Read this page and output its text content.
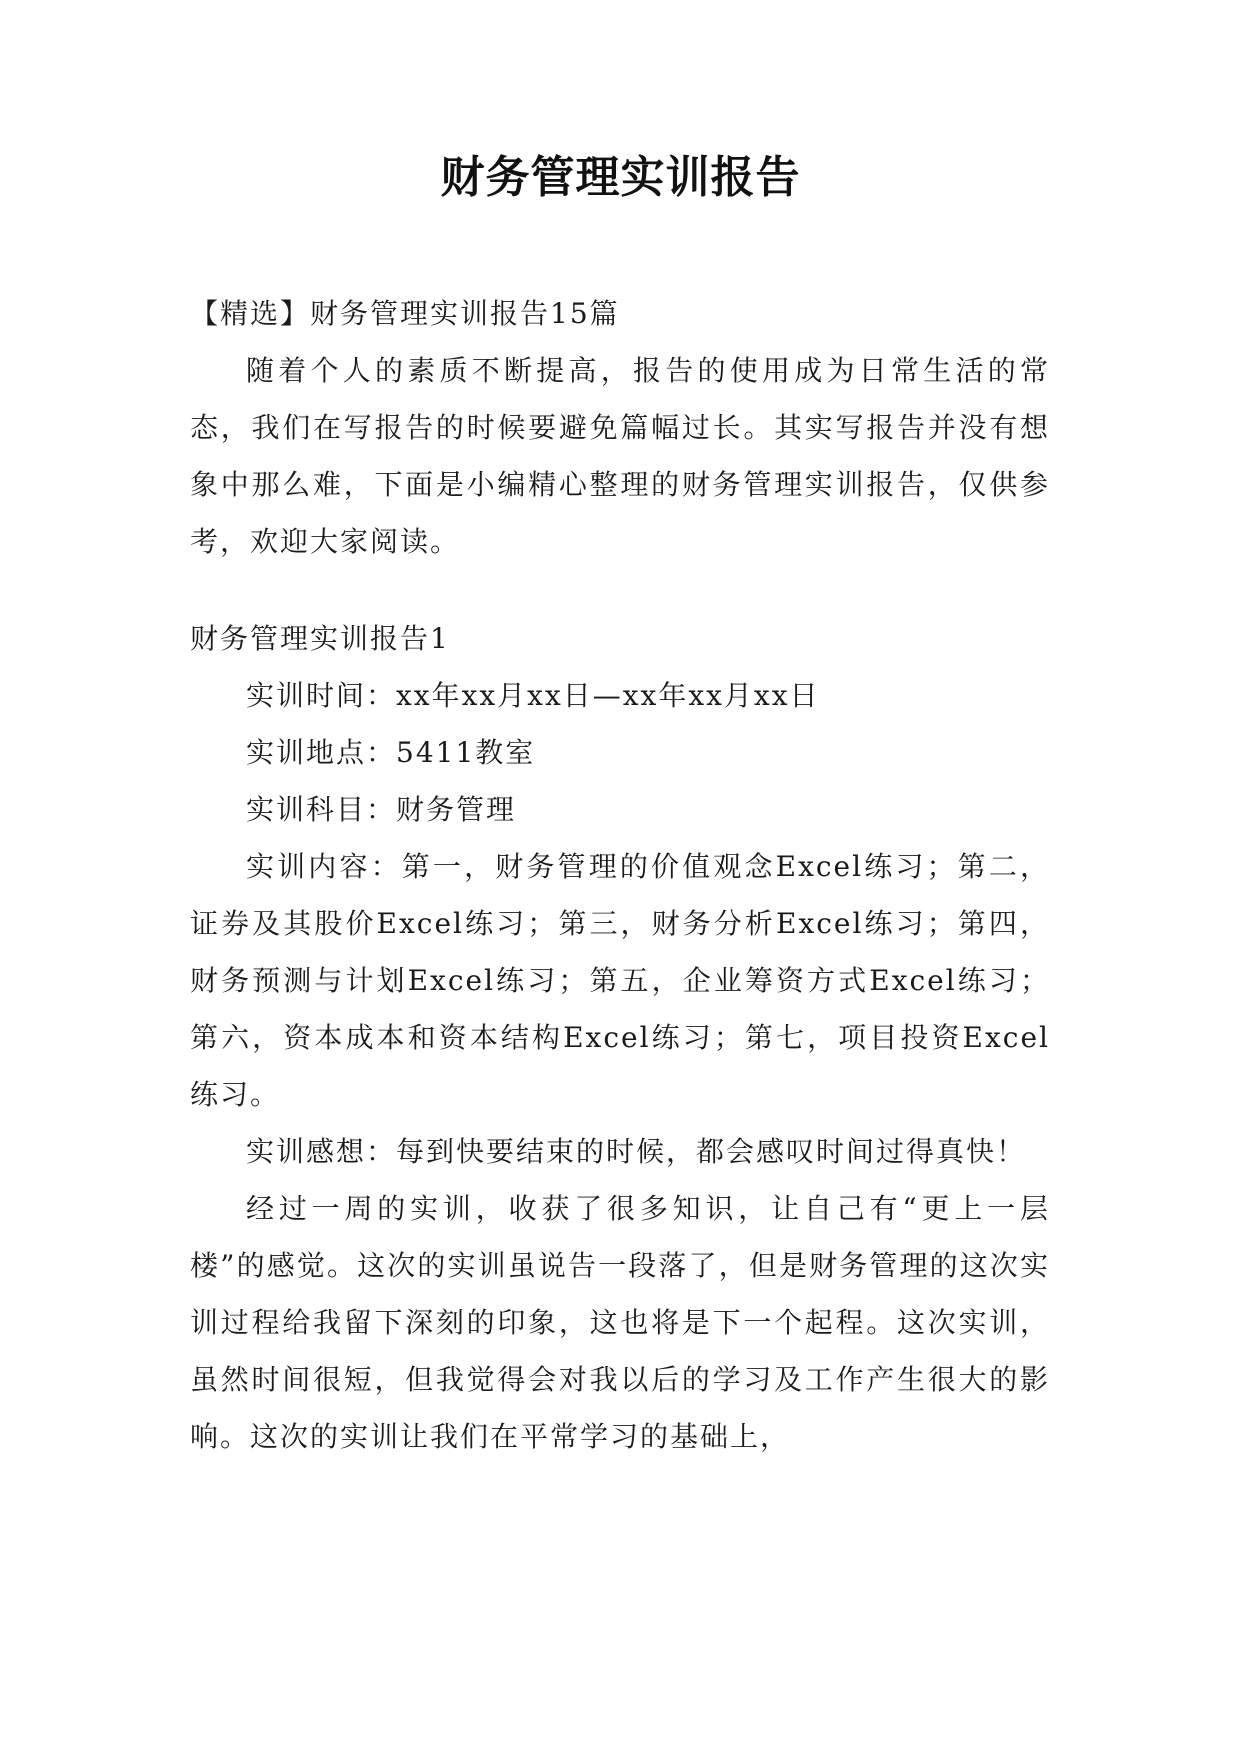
财务管理实训报告

【精选】财务管理实训报告15篇

随着个人的素质不断提高，报告的使用成为日常生活的常态，我们在写报告的时候要避免篇幅过长。其实写报告并没有想象中那么难，下面是小编精心整理的财务管理实训报告，仅供参考，欢迎大家阅读。

财务管理实训报告1

实训时间：xx年xx月xx日—xx年xx月xx日

实训地点：5411教室

实训科目：财务管理

实训内容：第一，财务管理的价值观念Excel练习；第二，证券及其股价Excel练习；第三，财务分析Excel练习；第四，财务预测与计划Excel练习；第五，企业筹资方式Excel练习；第六，资本成本和资本结构Excel练习；第七，项目投资Excel练习。

实训感想：每到快要结束的时候，都会感叹时间过得真快！

经过一周的实训，收获了很多知识，让自己有“更上一层楼”的感觉。这次的实训虽说告一段落了，但是财务管理的这次实训过程给我留下深刻的印象，这也将是下一个起程。这次实训，虽然时间很短，但我觉得会对我以后的学习及工作产生很大的影响。这次的实训让我们在平常学习的基础上，
